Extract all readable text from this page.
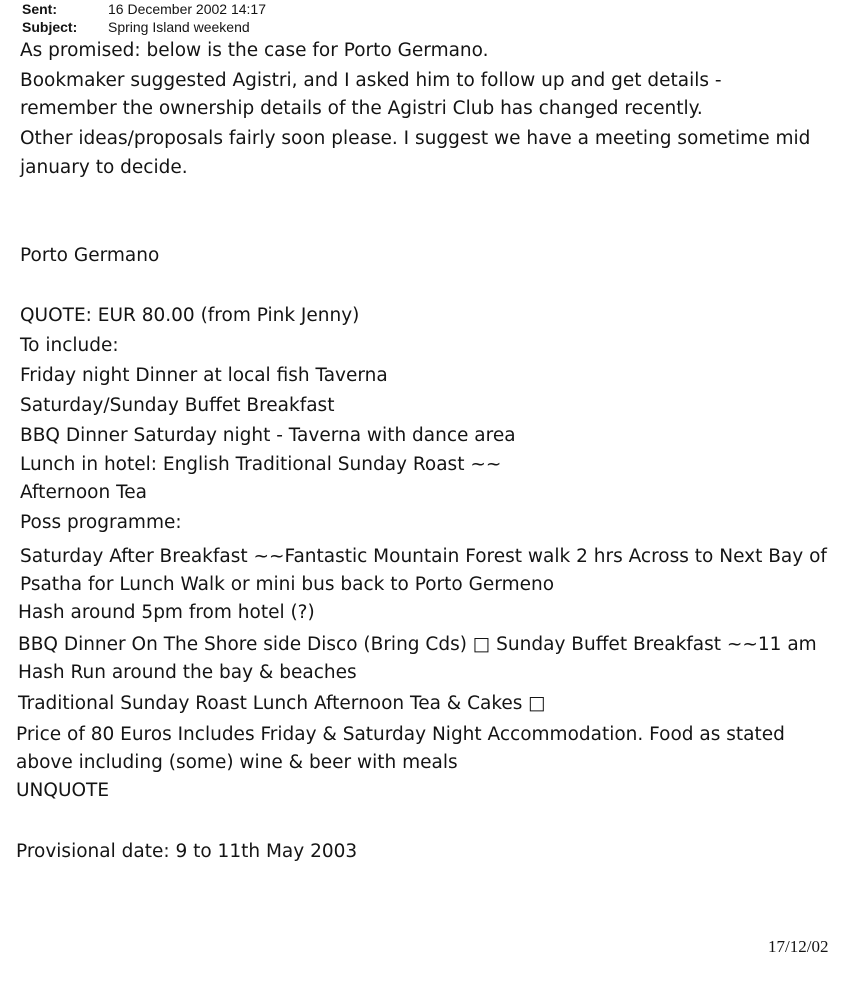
Sent:	16 December 2002 14:17
Subject:	Spring Island weekend
As promised: below is the case for Porto Germano.
Bookmaker suggested Agistri, and I asked him to follow up and get details -
remember the ownership details of the Agistri Club has changed recently.
Other ideas/proposals fairly soon please. I suggest we have a meeting sometime mid
january to decide.
Porto Germano
QUOTE: EUR 80.00 (from Pink Jenny)
To include:
Friday night Dinner at local fish Taverna
Saturday/Sunday Buffet Breakfast
BBQ Dinner Saturday night - Taverna with dance area
Lunch in hotel: English Traditional Sunday Roast ~~
Afternoon Tea
Poss programme:
Saturday After Breakfast ~~Fantastic Mountain Forest walk 2 hrs Across to Next Bay of
Psatha for Lunch Walk or mini bus back to Porto Germeno
Hash around 5pm from hotel (?)
BBQ Dinner On The Shore side Disco (Bring Cds) □ Sunday Buffet Breakfast ~~11 am
Hash Run around the bay & beaches
Traditional Sunday Roast Lunch Afternoon Tea & Cakes □
Price of 80 Euros Includes Friday & Saturday Night Accommodation. Food as stated
above including (some) wine & beer with meals
UNQUOTE
Provisional date: 9 to 11th May 2003
17/12/02
